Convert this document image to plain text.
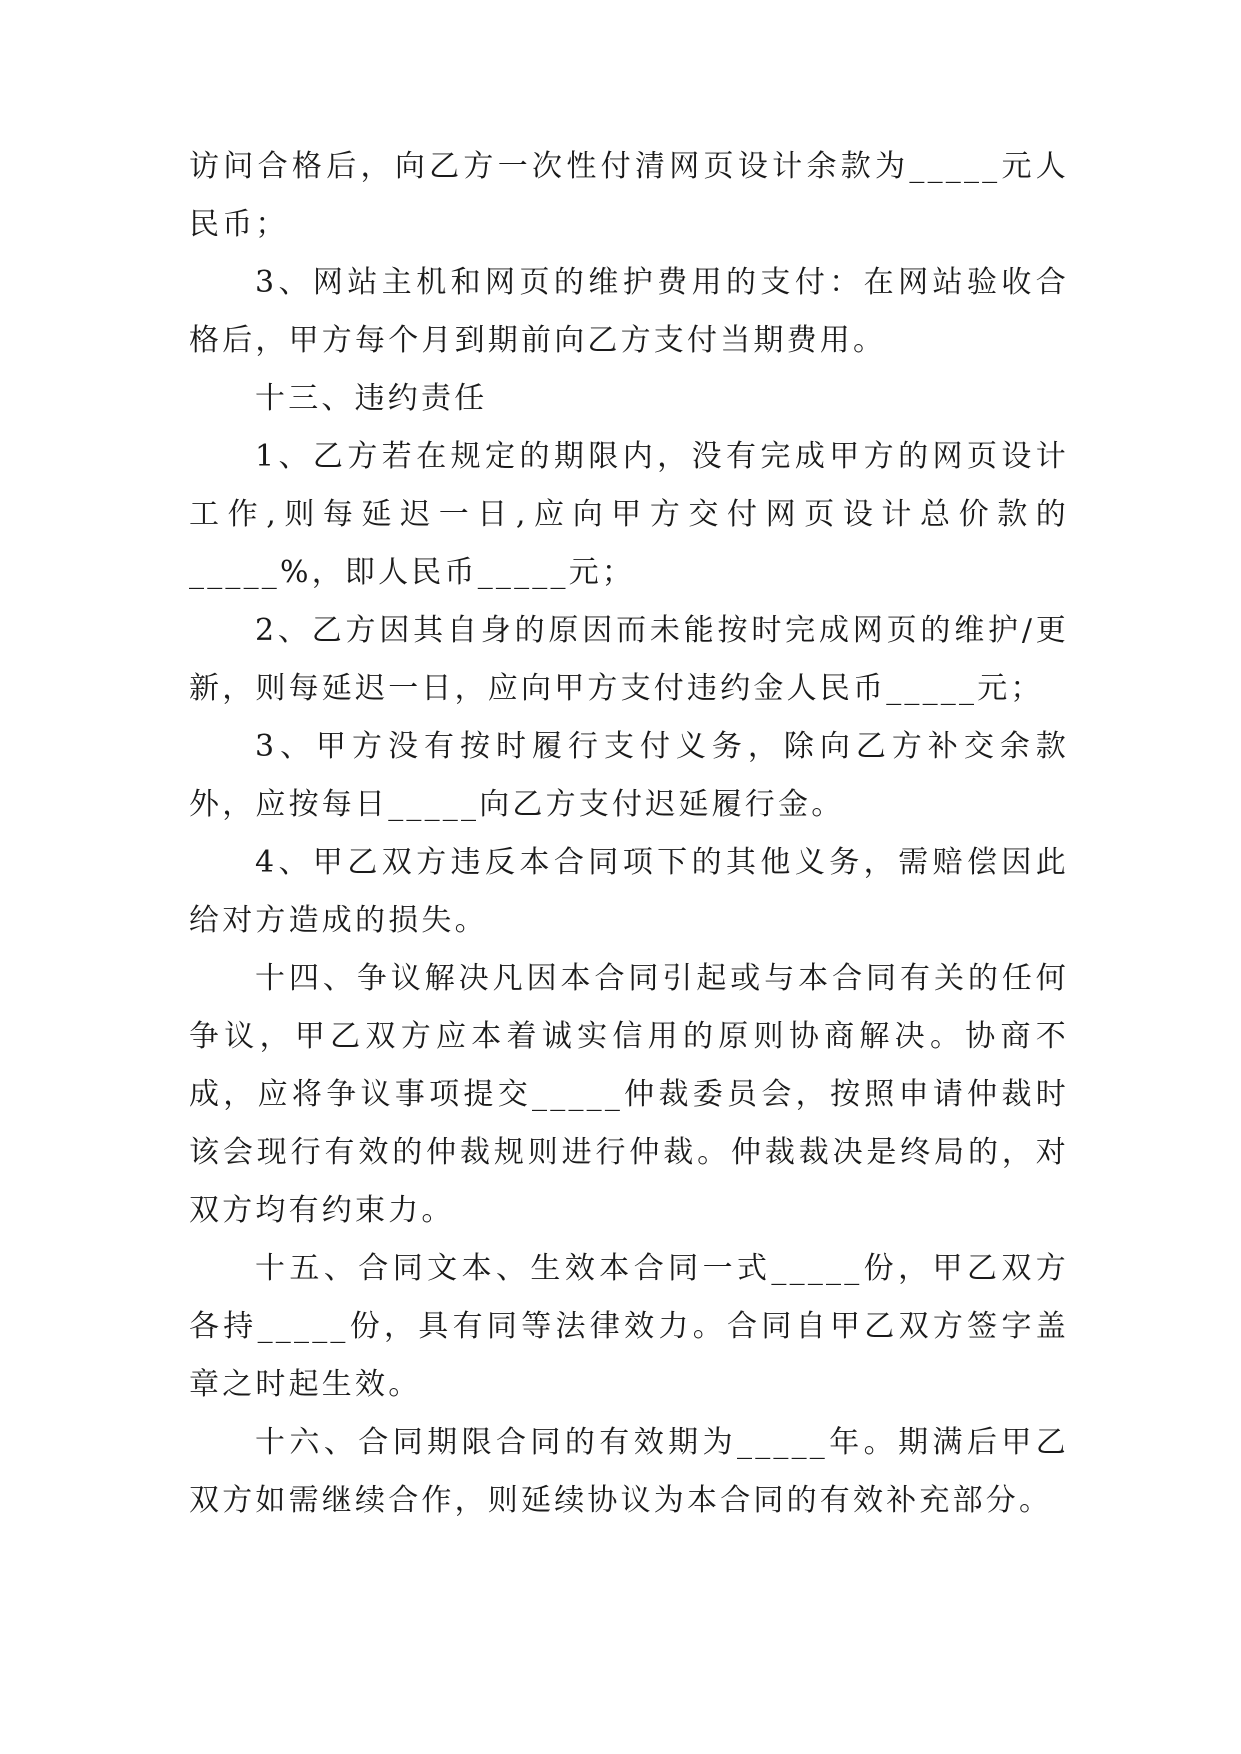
访问合格后，向乙方一次性付清网页设计余款为_____元人民币；

3、网站主机和网页的维护费用的支付：在网站验收合格后，甲方每个月到期前向乙方支付当期费用。

十三、违约责任

1、乙方若在规定的期限内，没有完成甲方的网页设计工作,则每延迟一日,应向甲方交付网页设计总价款的_____%，即人民币_____元；

2、乙方因其自身的原因而未能按时完成网页的维护/更新，则每延迟一日，应向甲方支付违约金人民币_____元；

3、甲方没有按时履行支付义务，除向乙方补交余款外，应按每日_____向乙方支付迟延履行金。

4、甲乙双方违反本合同项下的其他义务，需赔偿因此给对方造成的损失。

十四、争议解决凡因本合同引起或与本合同有关的任何争议，甲乙双方应本着诚实信用的原则协商解决。协商不成，应将争议事项提交_____仲裁委员会，按照申请仲裁时该会现行有效的仲裁规则进行仲裁。仲裁裁决是终局的，对双方均有约束力。

十五、合同文本、生效本合同一式_____份，甲乙双方各持_____份，具有同等法律效力。合同自甲乙双方签字盖章之时起生效。

十六、合同期限合同的有效期为_____年。期满后甲乙双方如需继续合作，则延续协议为本合同的有效补充部分。
